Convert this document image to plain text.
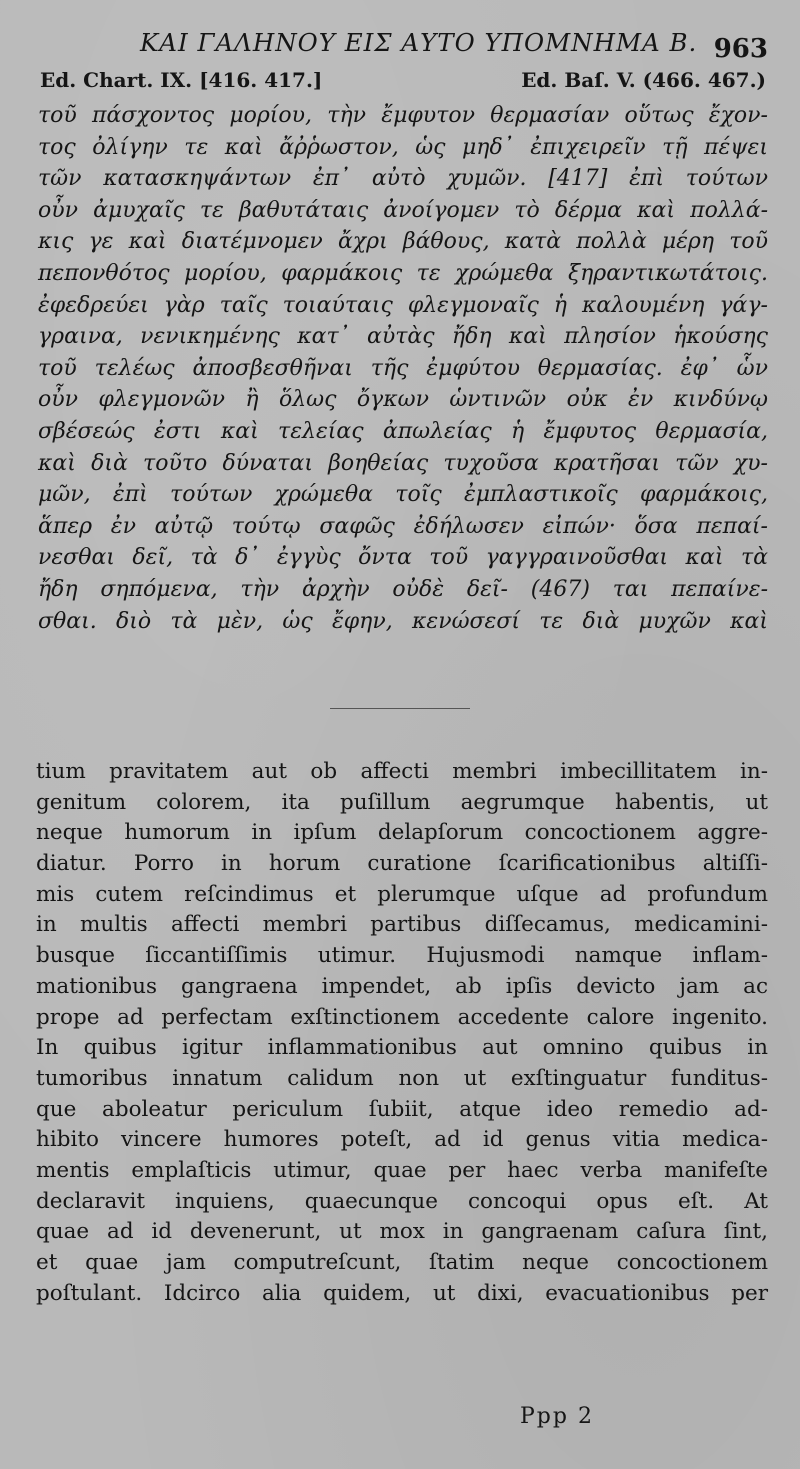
ΚΑΙ ΓΑΛΗΝΟΥ ΕΙΣ ΑΥΤΟ ΥΠΟΜΝΗΜΑ Β. 963
Ed. Chart. IX. [416. 417.]	Ed. Baſ. V. (466. 467.)
τοῦ πάσχοντος μορίου, τὴν ἔμφυτον θερμασίαν οὕτως ἔχον-
τος ὀλίγην τε καὶ ἄῤῥωστον, ὡς μηδ᾽ ἐπιχειρεῖν τῇ πέψει
τῶν κατασκηψάντων ἐπ᾽ αὐτὸ χυμῶν. [417] ἐπὶ τούτων
οὖν ἀμυχαῖς τε βαθυτάταις ἀνοίγομεν τὸ δέρμα καὶ πολλά-
κις γε καὶ διατέμνομεν ἄχρι βάθους, κατὰ πολλὰ μέρη τοῦ
πεπονθότος μορίου, φαρμάκοις τε χρώμεθα ξηραντικωτάτοις.
ἐφεδρεύει γὰρ ταῖς τοιαύταις φλεγμοναῖς ἡ καλουμένη γάγ-
γραινα, νενικημένης κατ᾽ αὐτὰς ἤδη καὶ πλησίον ἡκούσης
τοῦ τελέως ἀποσβεσθῆναι τῆς ἐμφύτου θερμασίας. ἐφ᾽ ὧν
οὖν φλεγμονῶν ἢ ὅλως ὄγκων ὡντινῶν οὐκ ἐν κινδύνῳ
σβέσεώς ἐστι καὶ τελείας ἀπωλείας ἡ ἔμφυτος θερμασία,
καὶ διὰ τοῦτο δύναται βοηθείας τυχοῦσα κρατῆσαι τῶν χυ-
μῶν, ἐπὶ τούτων χρώμεθα τοῖς ἐμπλαστικοῖς φαρμάκοις,
ἅπερ ἐν αὐτῷ τούτῳ σαφῶς ἐδήλωσεν εἰπών· ὅσα πεπαί-
νεσθαι δεῖ, τὰ δ᾽ ἐγγὺς ὄντα τοῦ γαγγραινοῦσθαι καὶ τὰ
ἤδη σηπόμενα, τὴν ἀρχὴν οὐδὲ δεῖ- (467) ται πεπαίνε-
σθαι. διὸ τὰ μὲν, ὡς ἔφην, κενώσεσί τε διὰ μυχῶν καὶ
tium pravitatem aut ob affecti membri imbecillitatem in-
genitum colorem, ita puſillum aegrumque habentis, ut
neque humorum in ipſum delapſorum concoctionem aggre-
diatur. Porro in horum curatione ſcarificationibus altiſſi-
mis cutem reſcindimus et plerumque uſque ad profundum
in multis affecti membri partibus diſſecamus, medicamini-
busque ſiccantiſſimis utimur. Hujusmodi namque inflam-
mationibus gangraena impendet, ab ipſis devicto jam ac
prope ad perfectam exſtinctionem accedente calore ingenito.
In quibus igitur inflammationibus aut omnino quibus in
tumoribus innatum calidum non ut exſtinguatur funditus-
que aboleatur periculum ſubiit, atque ideo remedio ad-
hibito vincere humores poteſt, ad id genus vitia medica-
mentis emplaſticis utimur, quae per haec verba manifeſte
declaravit inquiens, quaecunque concoqui opus eſt. At
quae ad id devenerunt, ut mox in gangraenam caſura ſint,
et quae jam computreſcunt, ſtatim neque concoctionem
poſtulant. Idcirco alia quidem, ut dixi, evacuationibus per
Ppp 2
